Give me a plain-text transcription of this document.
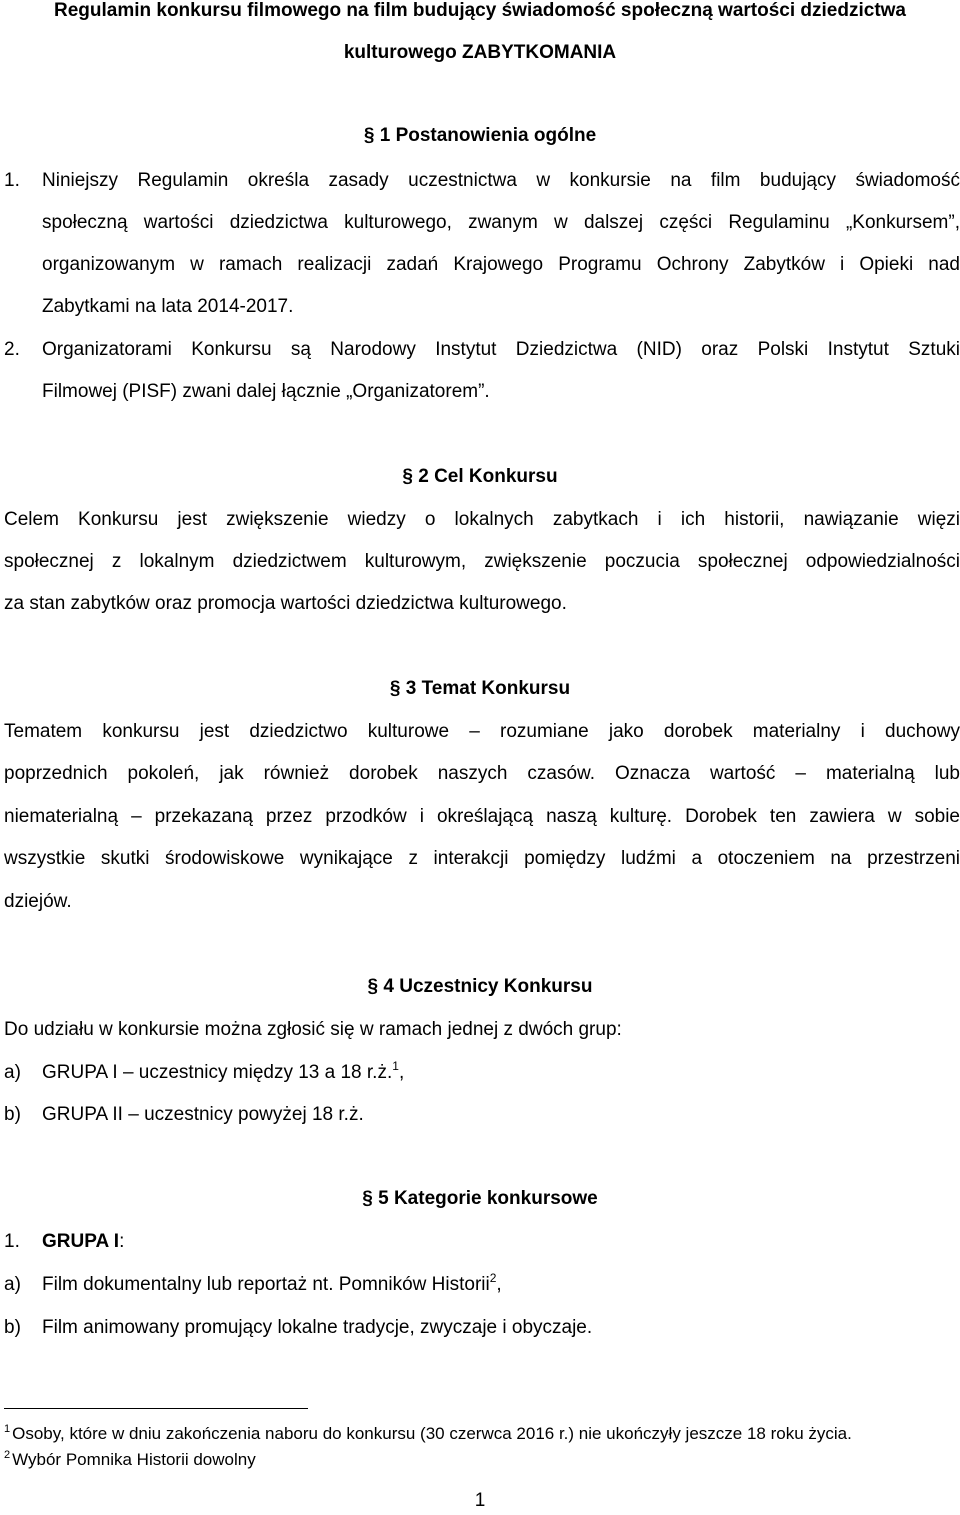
Regulamin konkursu filmowego na film budujący świadomość społeczną wartości dziedzictwa
kulturowego ZABYTKOMANIA
§ 1 Postanowienia ogólne
1. Niniejszy Regulamin określa zasady uczestnictwa w konkursie na film budujący świadomość
społeczną wartości dziedzictwa kulturowego, zwanym w dalszej części Regulaminu „Konkursem”,
organizowanym w ramach realizacji zadań Krajowego Programu Ochrony Zabytków i Opieki nad
Zabytkami na lata 2014-2017.
2. Organizatorami Konkursu są Narodowy Instytut Dziedzictwa (NID) oraz Polski Instytut Sztuki
Filmowej (PISF) zwani dalej łącznie „Organizatorem”.
§ 2 Cel Konkursu
Celem Konkursu jest zwiększenie wiedzy o lokalnych zabytkach i ich historii, nawiązanie więzi
społecznej z lokalnym dziedzictwem kulturowym, zwiększenie poczucia społecznej odpowiedzialności
za stan zabytków oraz promocja wartości dziedzictwa kulturowego.
§ 3 Temat Konkursu
Tematem konkursu jest dziedzictwo kulturowe – rozumiane jako dorobek materialny i duchowy
poprzednich pokoleń, jak również dorobek naszych czasów. Oznacza wartość – materialną lub
niematerialną – przekazaną przez przodków i określającą naszą kulturę. Dorobek ten zawiera w sobie
wszystkie skutki środowiskowe wynikające z interakcji pomiędzy ludźmi a otoczeniem na przestrzeni
dziejów.
§ 4 Uczestnicy Konkursu
Do udziału w konkursie można zgłosić się w ramach jednej z dwóch grup:
a) GRUPA I – uczestnicy między 13 a 18 r.ż.$^1$,
b) GRUPA II – uczestnicy powyżej 18 r.ż.
§ 5 Kategorie konkursowe
1. GRUPA I:
a) Film dokumentalny lub reportaż nt. Pomników Historii$^2$,
b) Film animowany promujący lokalne tradycje, zwyczaje i obyczaje.
$^1$ Osoby, które w dniu zakończenia naboru do konkursu (30 czerwca 2016 r.) nie ukończyły jeszcze 18 roku życia.
$^2$ Wybór Pomnika Historii dowolny
1
